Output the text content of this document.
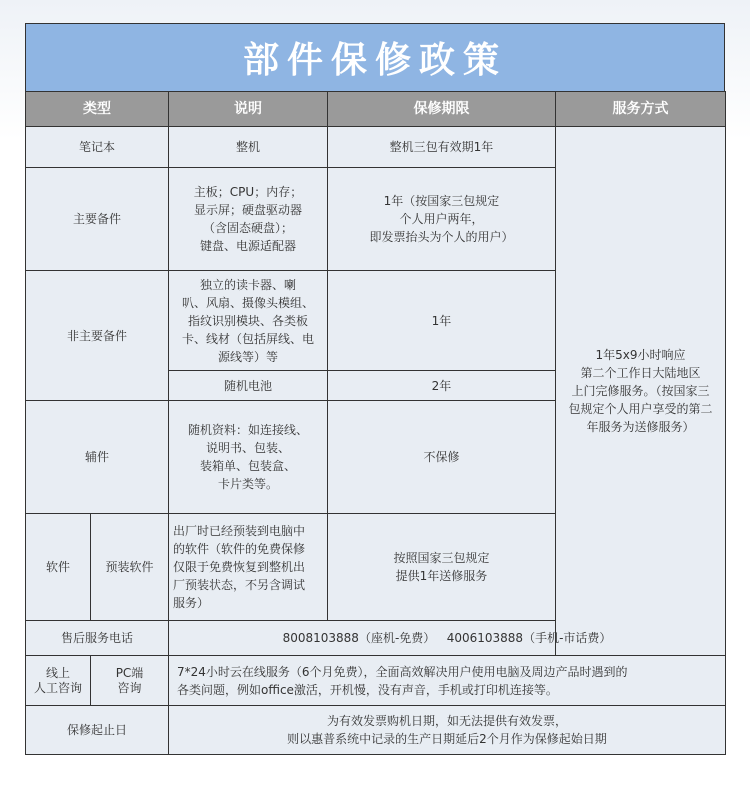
部件保修政策
类型		说明	保修期限	服务方式
笔记本		整机	整机三包有效期1年	1年5x9小时响应
第二个工作日大陆地区
上门完修服务。（按国家三
包规定个人用户享受的第二
年服务为送修服务）
主要备件		主板；CPU；内存；
显示屏；硬盘驱动器
（含固态硬盘）；
键盘、电源适配器	1年（按国家三包规定
个人用户两年，
即发票抬头为个人的用户）	
非主要备件		独立的读卡器、喇
叭、风扇、摄像头模组、
指纹识别模块、各类板
卡、线材（包括屏线、电
源线等）等	1年	
		随机电池	2年	
辅件		随机资料：如连接线、
说明书、包装、
装箱单、包装盒、
卡片类等。	不保修	
软件	预装软件	出厂时已经预装到电脑中
的软件（软件的免费保修
仅限于免费恢复到整机出
厂预装状态，不另含调试
服务）	按照国家三包规定
提供1年送修服务	
售后服务电话		8008103888（座机-免费）   4006103888（手机-市话费）		
线上
人工咨询	PC端
咨询	7*24小时云在线服务（6个月免费），全面高效解决用户使用电脑及周边产品时遇到的
各类问题，例如office激活，开机慢，没有声音，手机或打印机连接等。		
保修起止日		为有效发票购机日期，如无法提供有效发票，
则以惠普系统中记录的生产日期延后2个月作为保修起始日期		
